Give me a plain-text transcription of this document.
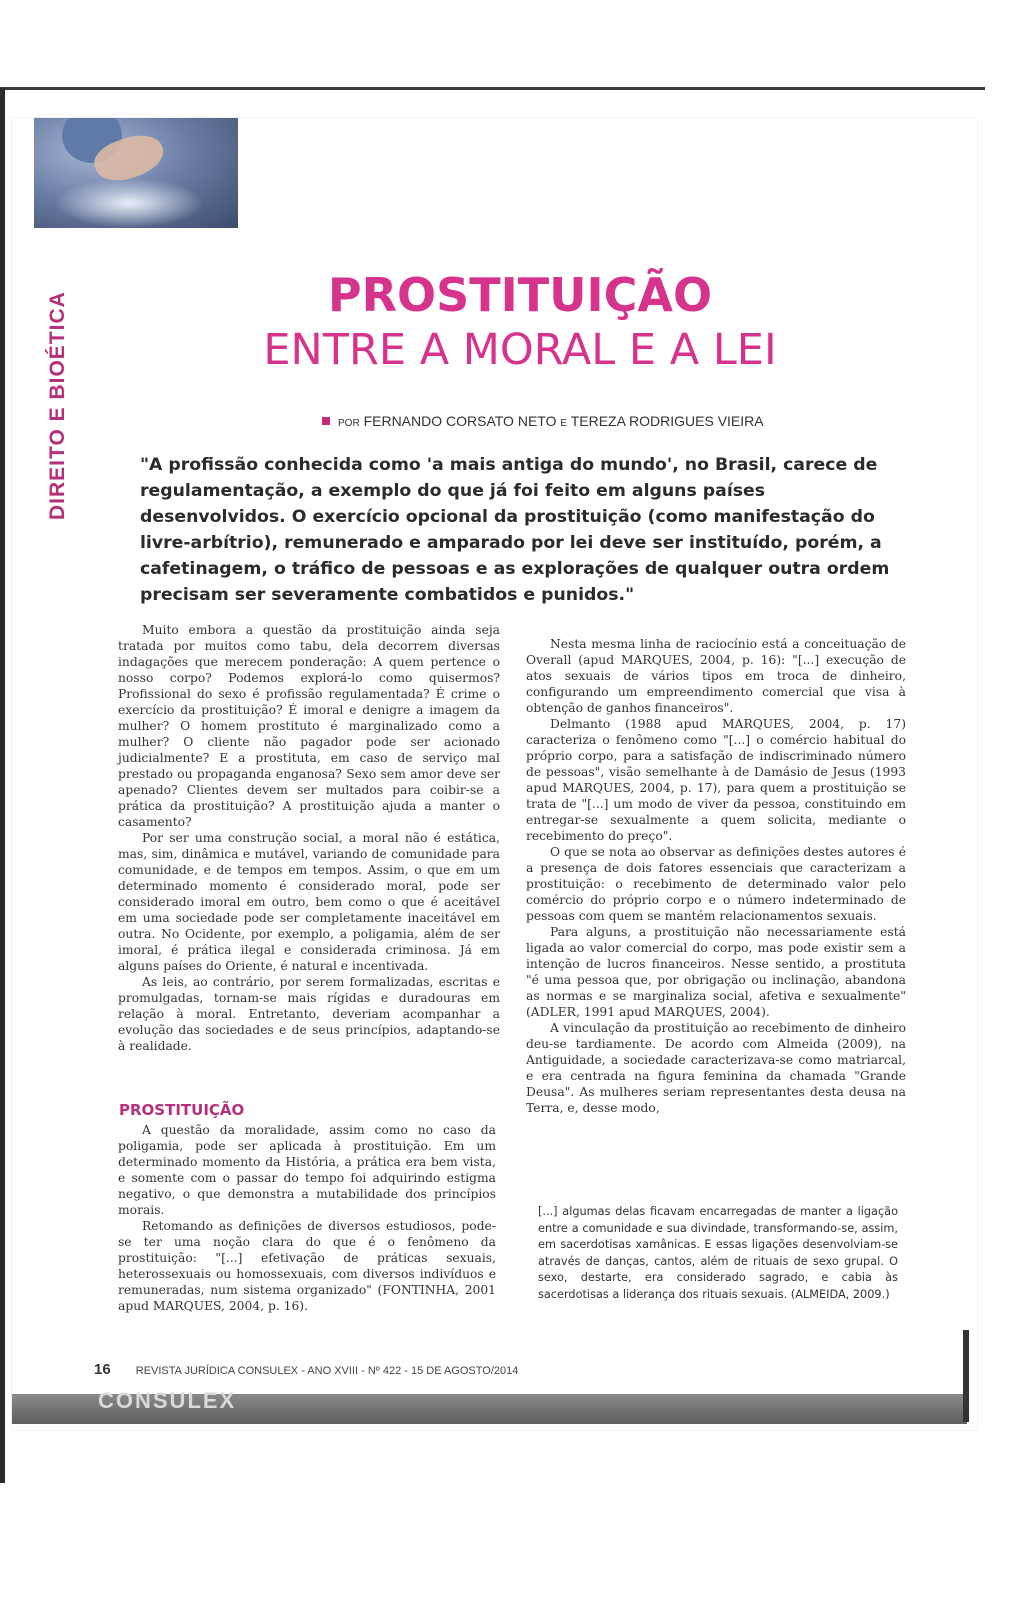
DIREITO E BIOÉTICA	PROSTITUIÇÃO
ENTRE A MORAL E A LEI
POR FERNANDO CORSATO NETO E TEREZA RODRIGUES VIEIRA
"A profissão conhecida como 'a mais antiga do mundo', no Brasil, carece de regulamentação, a exemplo do que já foi feito em alguns países desenvolvidos. O exercício opcional da prostituição (como manifestação do livre-arbítrio), remunerado e amparado por lei deve ser instituído, porém, a cafetinagem, o tráfico de pessoas e as explorações de qualquer outra ordem precisam ser severamente combatidos e punidos."

Muito embora a questão da prostituição ainda seja tratada por muitos como tabu, dela decorrem diversas indagações que merecem ponderação: A quem pertence o nosso corpo? Podemos explorá-lo como quisermos? Profissional do sexo é profissão regulamentada? É crime o exercício da prostituição? É imoral e denigre a imagem da mulher? O homem prostituto é marginalizado como a mulher? O cliente não pagador pode ser acionado judicialmente? E a prostituta, em caso de serviço mal prestado ou propaganda enganosa? Sexo sem amor deve ser apenado? Clientes devem ser multados para coibir-se a prática da prostituição? A prostituição ajuda a manter o casamento?

Por ser uma construção social, a moral não é estática, mas, sim, dinâmica e mutável, variando de comunidade para comunidade, e de tempos em tempos. Assim, o que em um determinado momento é considerado moral, pode ser considerado imoral em outro, bem como o que é aceitável em uma sociedade pode ser completamente inaceitável em outra. No Ocidente, por exemplo, a poligamia, além de ser imoral, é prática ilegal e considerada criminosa. Já em alguns países do Oriente, é natural e incentivada.

As leis, ao contrário, por serem formalizadas, escritas e promulgadas, tornam-se mais rígidas e duradouras em relação à moral. Entretanto, deveriam acompanhar a evolução das sociedades e de seus princípios, adaptando-se à realidade.

PROSTITUIÇÃO

A questão da moralidade, assim como no caso da poligamia, pode ser aplicada à prostituição. Em um determinado momento da História, a prática era bem vista, e somente com o passar do tempo foi adquirindo estigma negativo, o que demonstra a mutabilidade dos princípios morais.

Retomando as definições de diversos estudiosos, pode-se ter uma noção clara do que é o fenômeno da prostituição: "[...] efetivação de práticas sexuais, heterossexuais ou homossexuais, com diversos indivíduos e remuneradas, num sistema organizado" (FONTINHA, 2001 apud MARQUES, 2004, p. 16).

Nesta mesma linha de raciocínio está a conceituação de Overall (apud MARQUES, 2004, p. 16): "[...] execução de atos sexuais de vários tipos em troca de dinheiro, configurando um empreendimento comercial que visa à obtenção de ganhos financeiros".

Delmanto (1988 apud MARQUES, 2004, p. 17) caracteriza o fenômeno como "[...] o comércio habitual do próprio corpo, para a satisfação de indiscriminado número de pessoas", visão semelhante à de Damásio de Jesus (1993 apud MARQUES, 2004, p. 17), para quem a prostituição se trata de "[...] um modo de viver da pessoa, constituindo em entregar-se sexualmente a quem solicita, mediante o recebimento do preço".

O que se nota ao observar as definições destes autores é a presença de dois fatores essenciais que caracterizam a prostituição: o recebimento de determinado valor pelo comércio do próprio corpo e o número indeterminado de pessoas com quem se mantém relacionamentos sexuais.

Para alguns, a prostituição não necessariamente está ligada ao valor comercial do corpo, mas pode existir sem a intenção de lucros financeiros. Nesse sentido, a prostituta "é uma pessoa que, por obrigação ou inclinação, abandona as normas e se marginaliza social, afetiva e sexualmente" (ADLER, 1991 apud MARQUES, 2004).

A vinculação da prostituição ao recebimento de dinheiro deu-se tardiamente. De acordo com Almeida (2009), na Antiguidade, a sociedade caracterizava-se como matriarcal, e era centrada na figura feminina da chamada "Grande Deusa". As mulheres seriam representantes desta deusa na Terra, e, desse modo,

[...] algumas delas ficavam encarregadas de manter a ligação entre a comunidade e sua divindade, transformando-se, assim, em sacerdotisas xamânicas. E essas ligações desenvolviam-se através de danças, cantos, além de rituais de sexo grupal. O sexo, destarte, era considerado sagrado, e cabia às sacerdotisas a liderança dos rituais sexuais. (ALMEIDA, 2009.)
16 REVISTA JURÍDICA CONSULEX - ANO XVIII - Nº 422 - 15 DE AGOSTO/2014
CONSULEX
